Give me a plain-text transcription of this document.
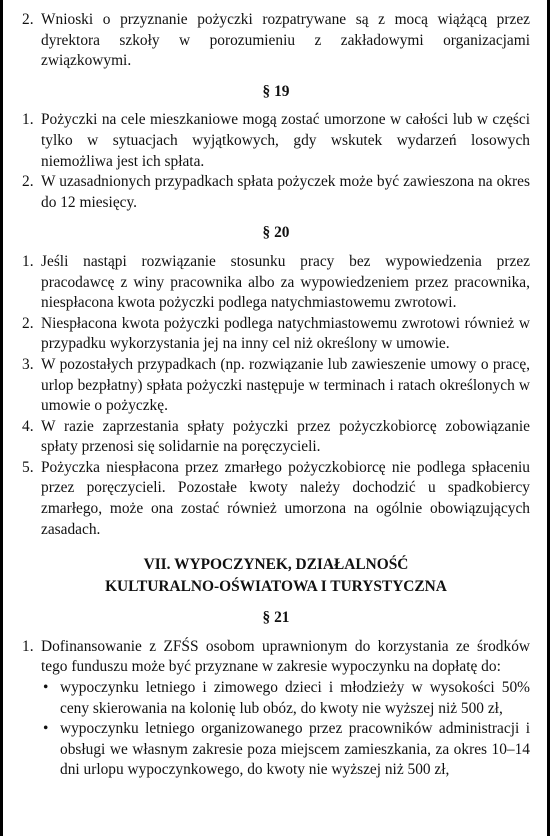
2. Wnioski o przyznanie pożyczki rozpatrywane są z mocą wiążącą przez dyrektora szkoły w porozumieniu z zakładowymi organizacjami związkowymi.
§ 19
1. Pożyczki na cele mieszkaniowe mogą zostać umorzone w całości lub w części tylko w sytuacjach wyjątkowych, gdy wskutek wydarzeń losowych niemożliwa jest ich spłata.
2. W uzasadnionych przypadkach spłata pożyczek może być zawieszona na okres do 12 miesięcy.
§ 20
1. Jeśli nastąpi rozwiązanie stosunku pracy bez wypowiedzenia przez pracodawcę z winy pracownika albo za wypowiedzeniem przez pracownika, niespłacona kwota pożyczki podlega natychmiastowemu zwrotowi.
2. Niespłacona kwota pożyczki podlega natychmiastowemu zwrotowi również w przypadku wykorzystania jej na inny cel niż określony w umowie.
3. W pozostałych przypadkach (np. rozwiązanie lub zawieszenie umowy o pracę, urlop bezpłatny) spłata pożyczki następuje w terminach i ratach określonych w umowie o pożyczkę.
4. W razie zaprzestania spłaty pożyczki przez pożyczkobiorcę zobowiązanie spłaty przenosi się solidarnie na poręczycieli.
5. Pożyczka niespłacona przez zmarłego pożyczkobiorcę nie podlega spłaceniu przez poręczycieli. Pozostałe kwoty należy dochodzić u spadkobiercy zmarłego, może ona zostać również umorzona na ogólnie obowiązujących zasadach.
VII. WYPOCZYNEK, DZIAŁALNOŚĆ
KULTURALNO-OŚWIATOWA I TURYSTYCZNA
§ 21
1. Dofinansowanie z ZFŚS osobom uprawnionym do korzystania ze środków tego funduszu może być przyznane w zakresie wypoczynku na dopłatę do:
• wypoczynku letniego i zimowego dzieci i młodzieży w wysokości 50% ceny skierowania na kolonię lub obóz, do kwoty nie wyższej niż 500 zł,
• wypoczynku letniego organizowanego przez pracowników administracji i obsługi we własnym zakresie poza miejscem zamieszkania, za okres 10–14 dni urlopu wypoczynkowego, do kwoty nie wyższej niż 500 zł,
